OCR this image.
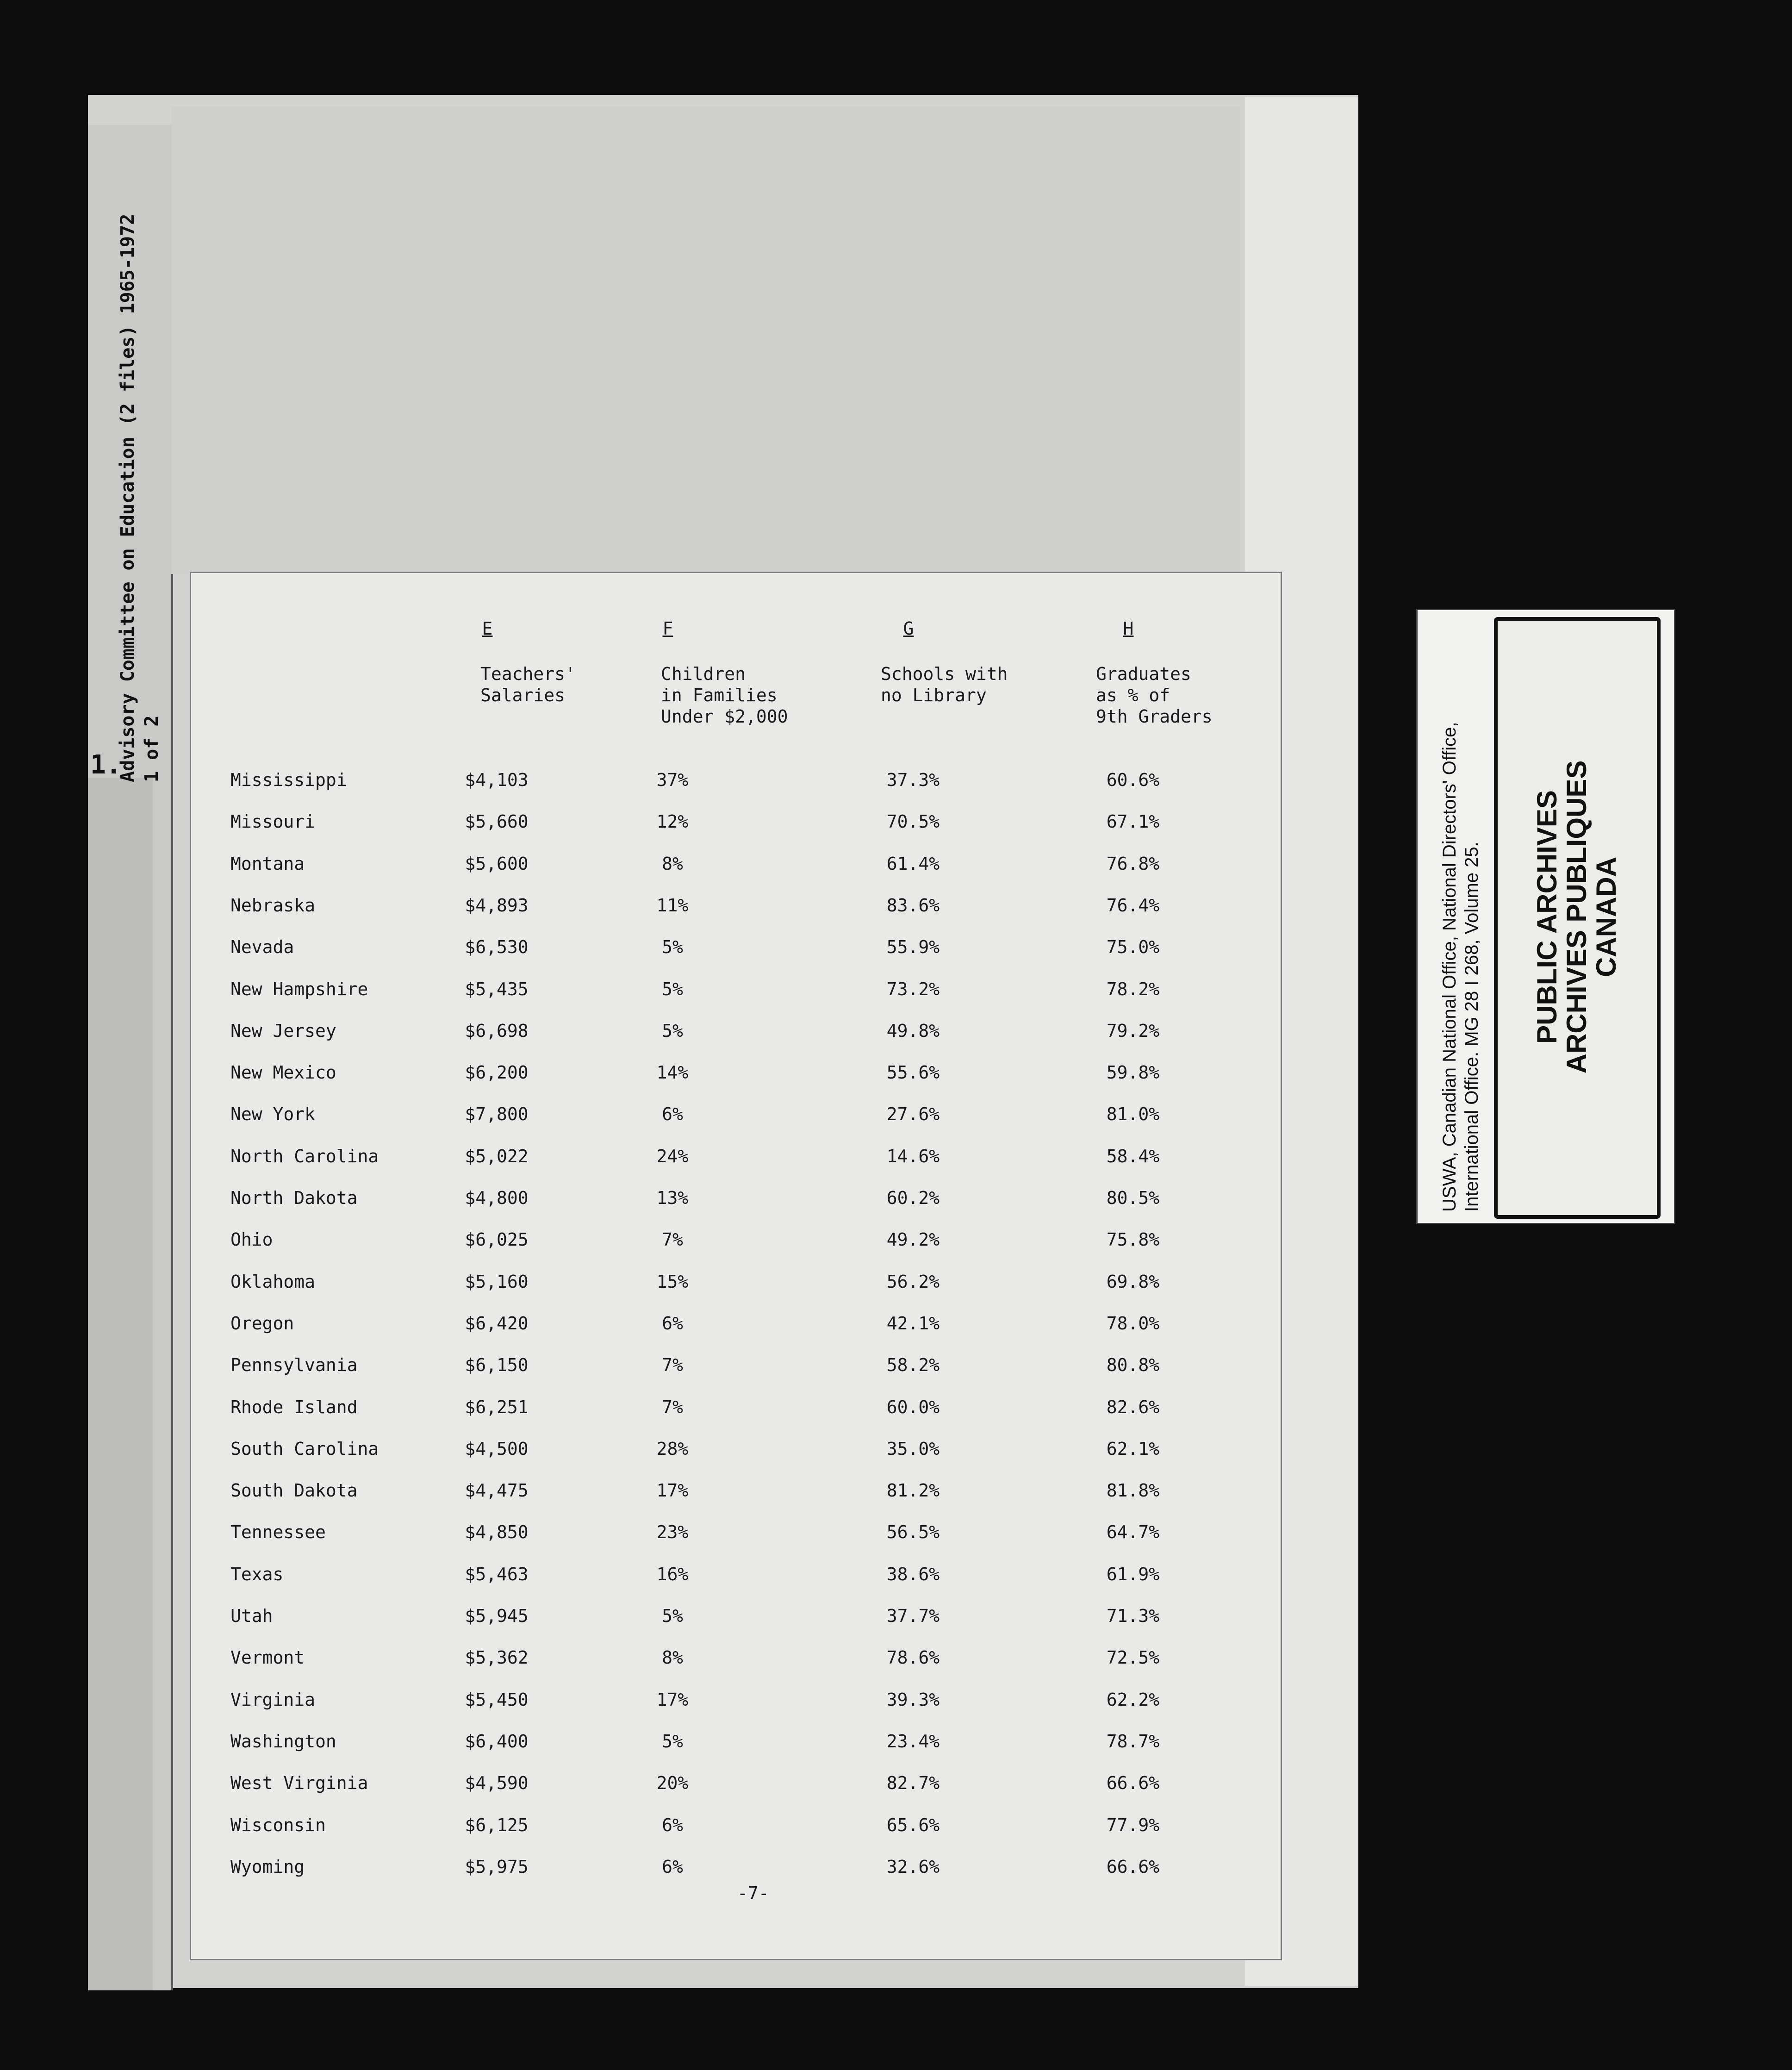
1.
Advisory Committee on Education (2 files) 1965-1972 1 of 2
E	F	G	H
Teachers'
Salaries
Children
in Families
Under $2,000
Schools with
no Library
Graduates
as % of
9th Graders
Mississippi	$4,103	37%	37.3%	60.6%
Missouri	$5,660	12%	70.5%	67.1%
Montana	$5,600	8%	61.4%	76.8%
Nebraska	$4,893	11%	83.6%	76.4%
Nevada	$6,530	5%	55.9%	75.0%
New Hampshire	$5,435	5%	73.2%	78.2%
New Jersey	$6,698	5%	49.8%	79.2%
New Mexico	$6,200	14%	55.6%	59.8%
New York	$7,800	6%	27.6%	81.0%
North Carolina	$5,022	24%	14.6%	58.4%
North Dakota	$4,800	13%	60.2%	80.5%
Ohio	$6,025	7%	49.2%	75.8%
Oklahoma	$5,160	15%	56.2%	69.8%
Oregon	$6,420	6%	42.1%	78.0%
Pennsylvania	$6,150	7%	58.2%	80.8%
Rhode Island	$6,251	7%	60.0%	82.6%
South Carolina	$4,500	28%	35.0%	62.1%
South Dakota	$4,475	17%	81.2%	81.8%
Tennessee	$4,850	23%	56.5%	64.7%
Texas	$5,463	16%	38.6%	61.9%
Utah	$5,945	5%	37.7%	71.3%
Vermont	$5,362	8%	78.6%	72.5%
Virginia	$5,450	17%	39.3%	62.2%
Washington	$6,400	5%	23.4%	78.7%
West Virginia	$4,590	20%	82.7%	66.6%
Wisconsin	$6,125	6%	65.6%	77.9%
Wyoming	$5,975	6%	32.6%	66.6%
-7-
USWA, Canadian National Office, National Directors' Office, International Office. MG 28 I 268, Volume 25. PUBLIC ARCHIVES
ARCHIVES PUBLIQUES
CANADA
